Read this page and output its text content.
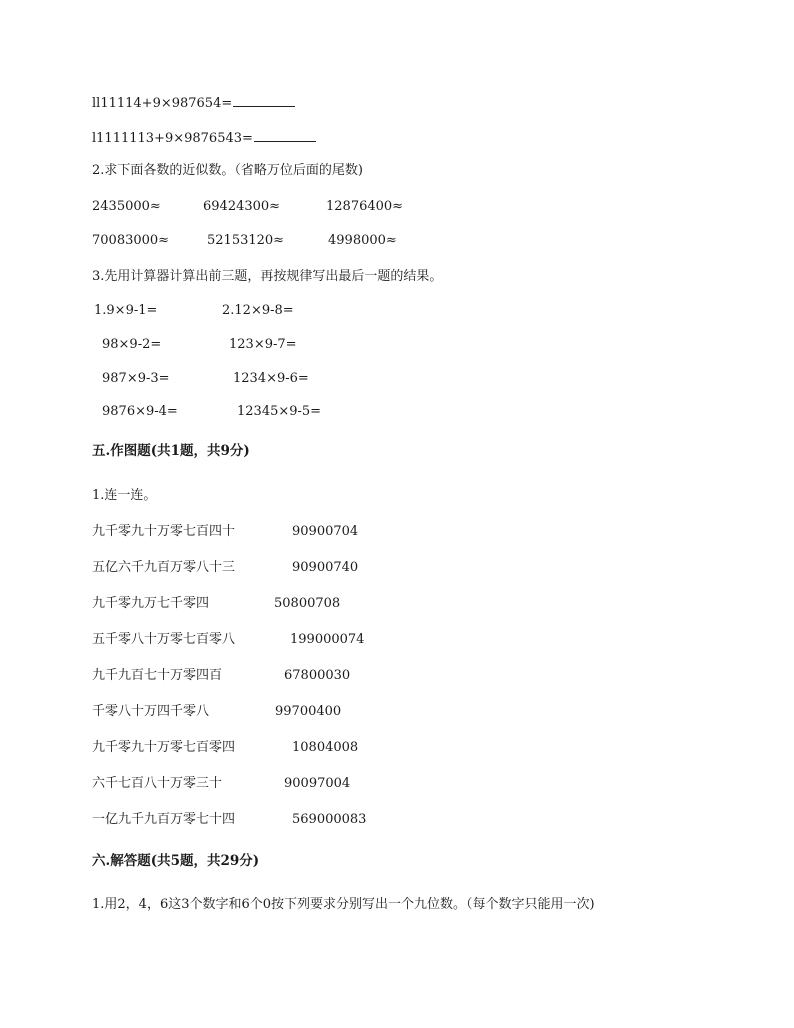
ll11114+9×987654=
l1111113+9×9876543=
2.求下面各数的近似数。（省略万位后面的尾数)
2435000≈	69424300≈	12876400≈
70083000≈	52153120≈	4998000≈
3.先用计算器计算出前三题，再按规律写出最后一题的结果。
1.9×9-1=	2.12×9-8=
98×9-2=	123×9-7=
987×9-3=	1234×9-6=
9876×9-4=	12345×9-5=
五.作图题(共1题，共9分)
1.连一连。
九千零九十万零七百四十	90900704
五亿六千九百万零八十三	90900740
九千零九万七千零四	50800708
五千零八十万零七百零八	199000074
九千九百七十万零四百	67800030
千零八十万四千零八	99700400
九千零九十万零七百零四	10804008
六千七百八十万零三十	90097004
一亿九千九百万零七十四	569000083
六.解答题(共5题，共29分)
1.用2，4，6这3个数字和6个0按下列要求分别写出一个九位数。（每个数字只能用一次)
